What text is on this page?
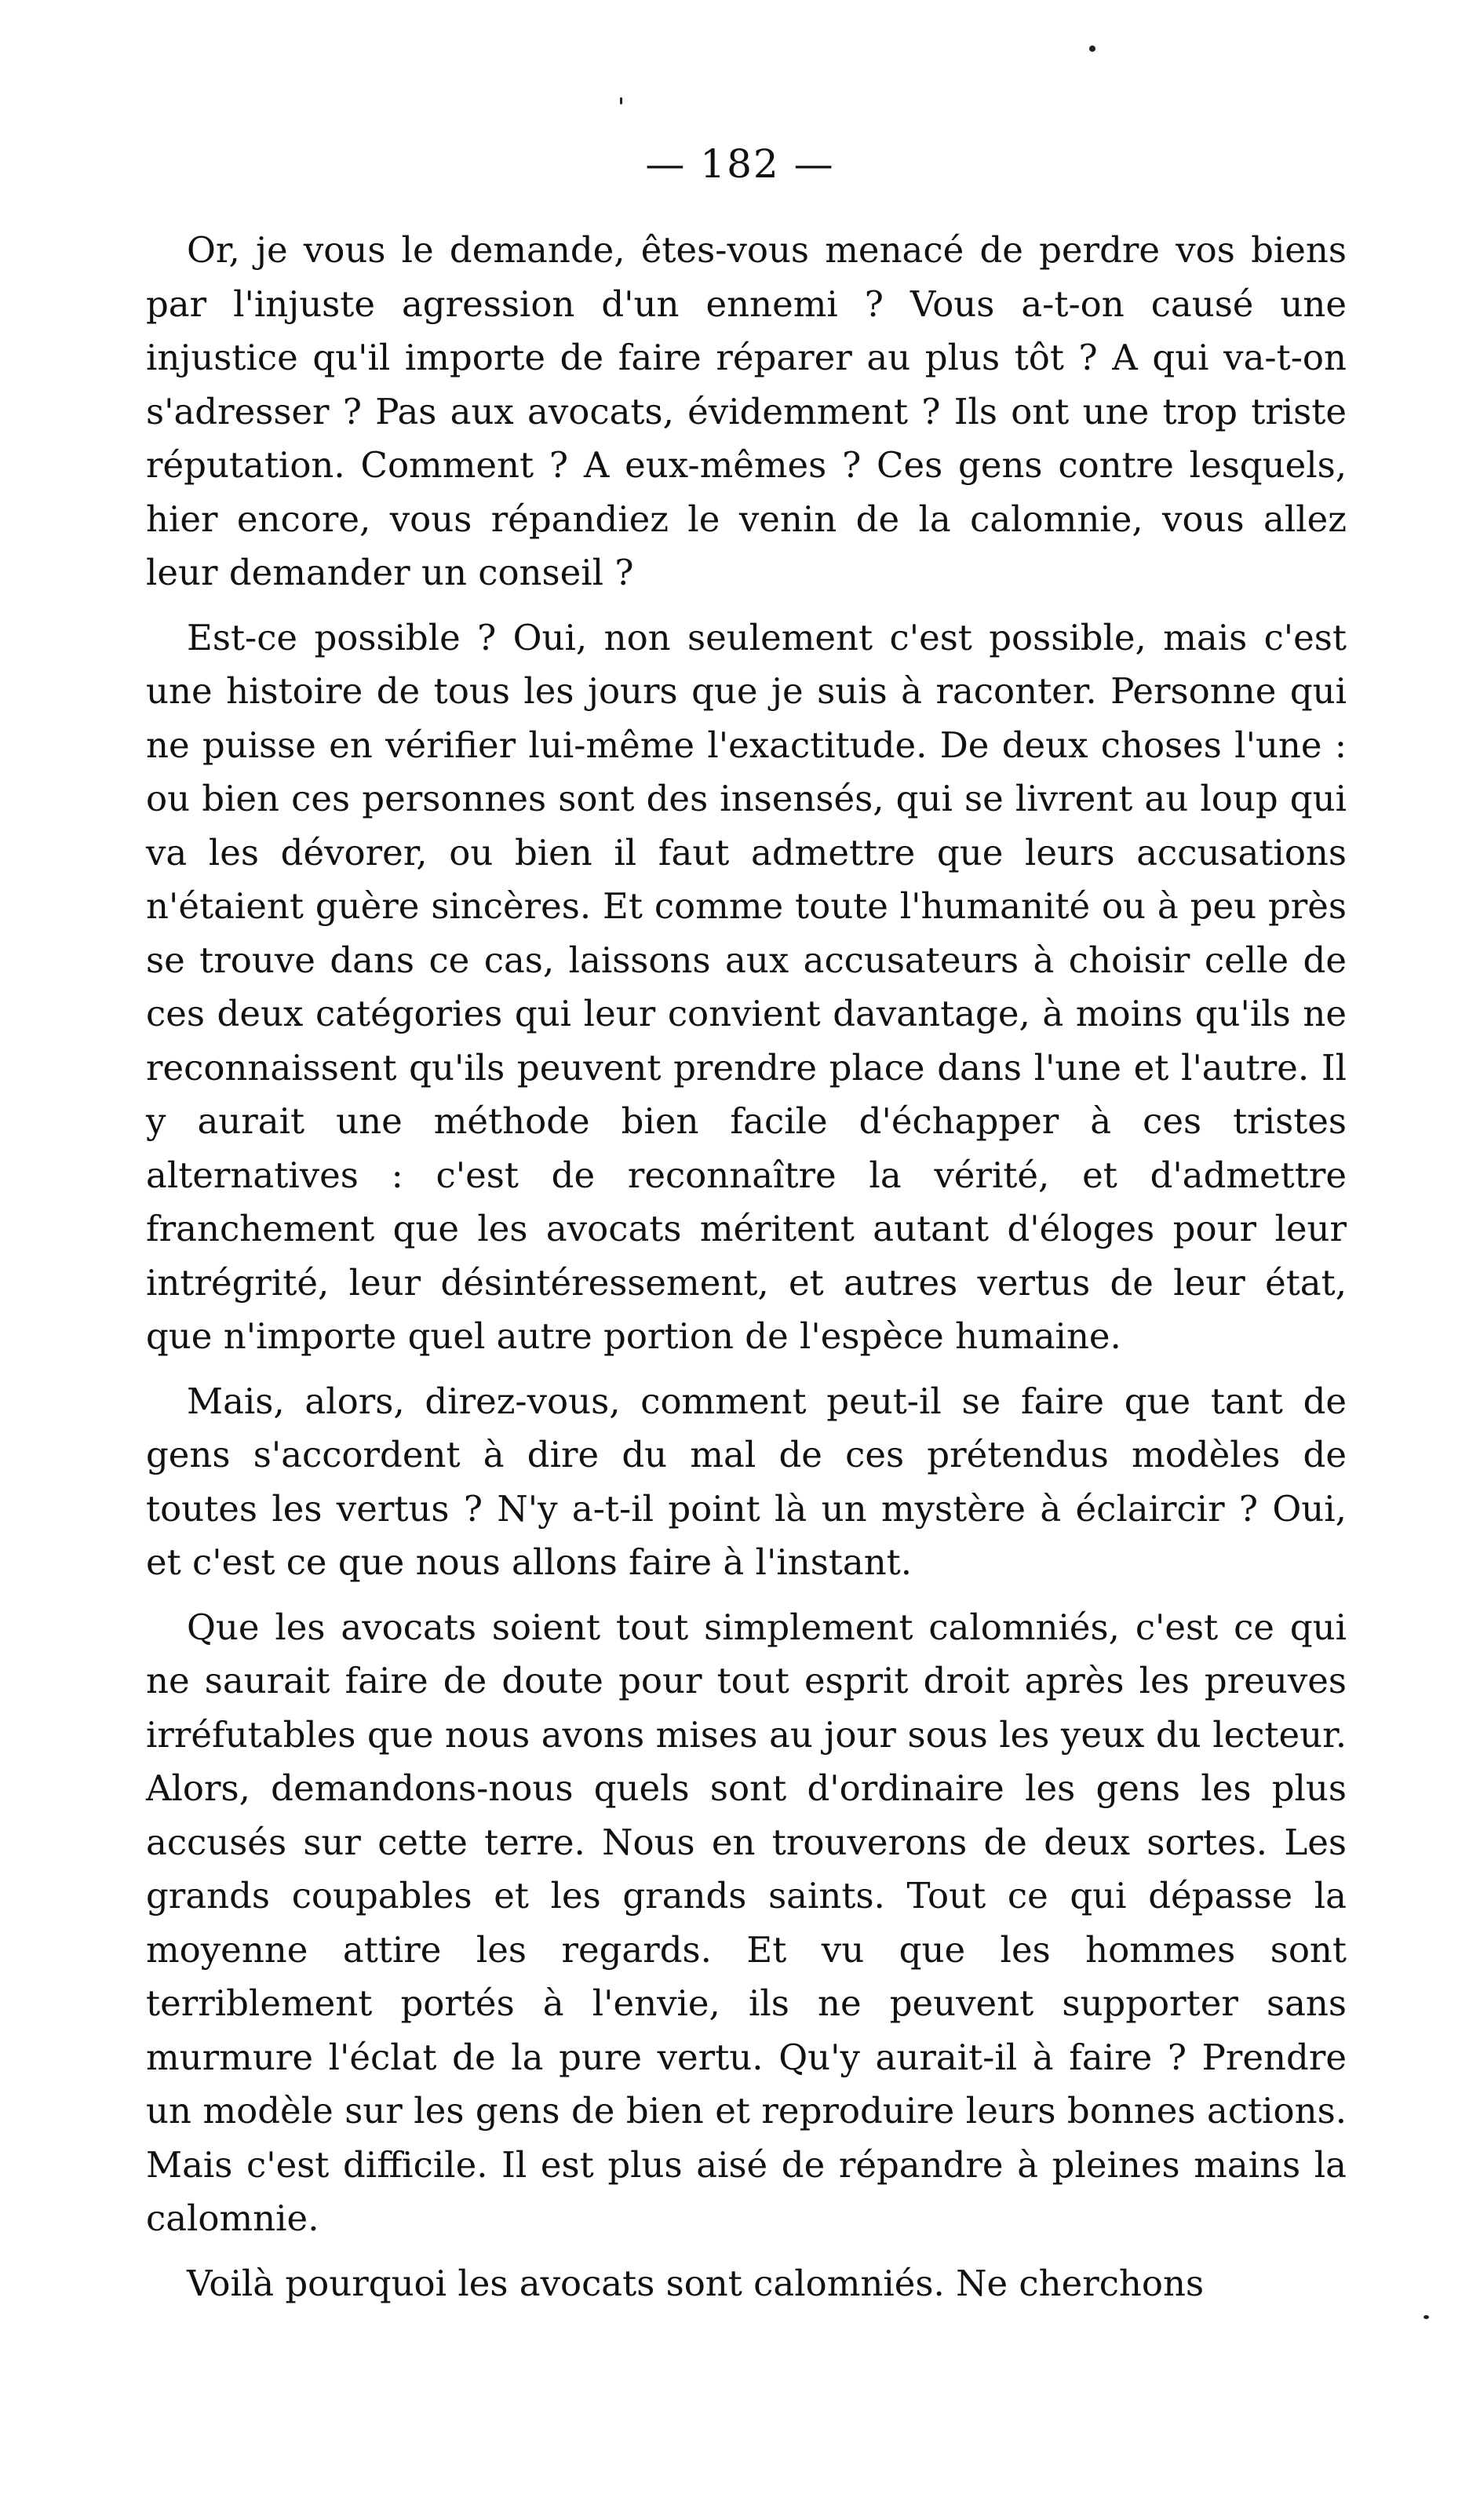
— 182 —

Or, je vous le demande, êtes-vous menacé de perdre vos biens par l'injuste agression d'un ennemi ? Vous a-t-on causé une injustice qu'il importe de faire réparer au plus tôt ? A qui va-t-on s'adresser ? Pas aux avocats, évidemment ? Ils ont une trop triste réputation. Comment ? A eux-mêmes ? Ces gens contre lesquels, hier encore, vous répandiez le venin de la calomnie, vous allez leur demander un conseil ?

Est-ce possible ? Oui, non seulement c'est possible, mais c'est une histoire de tous les jours que je suis à raconter. Personne qui ne puisse en vérifier lui-même l'exactitude. De deux choses l'une : ou bien ces personnes sont des insensés, qui se livrent au loup qui va les dévorer, ou bien il faut admettre que leurs accusations n'étaient guère sincères. Et comme toute l'humanité ou à peu près se trouve dans ce cas, laissons aux accusateurs à choisir celle de ces deux catégories qui leur convient davantage, à moins qu'ils ne reconnaissent qu'ils peuvent prendre place dans l'une et l'autre. Il y aurait une méthode bien facile d'échapper à ces tristes alternatives : c'est de reconnaître la vérité, et d'admettre franchement que les avocats méritent autant d'éloges pour leur intrégrité, leur désintéressement, et autres vertus de leur état, que n'importe quel autre portion de l'espèce humaine.

Mais, alors, direz-vous, comment peut-il se faire que tant de gens s'accordent à dire du mal de ces prétendus modèles de toutes les vertus ? N'y a-t-il point là un mystère à éclaircir ? Oui, et c'est ce que nous allons faire à l'instant.

Que les avocats soient tout simplement calomniés, c'est ce qui ne saurait faire de doute pour tout esprit droit après les preuves irréfutables que nous avons mises au jour sous les yeux du lecteur. Alors, demandons-nous quels sont d'ordinaire les gens les plus accusés sur cette terre. Nous en trouverons de deux sortes. Les grands coupables et les grands saints. Tout ce qui dépasse la moyenne attire les regards. Et vu que les hommes sont terriblement portés à l'envie, ils ne peuvent supporter sans murmure l'éclat de la pure vertu. Qu'y aurait-il à faire ? Prendre un modèle sur les gens de bien et reproduire leurs bonnes actions. Mais c'est difficile. Il est plus aisé de répandre à pleines mains la calomnie.

Voilà pourquoi les avocats sont calomniés. Ne cherchons
